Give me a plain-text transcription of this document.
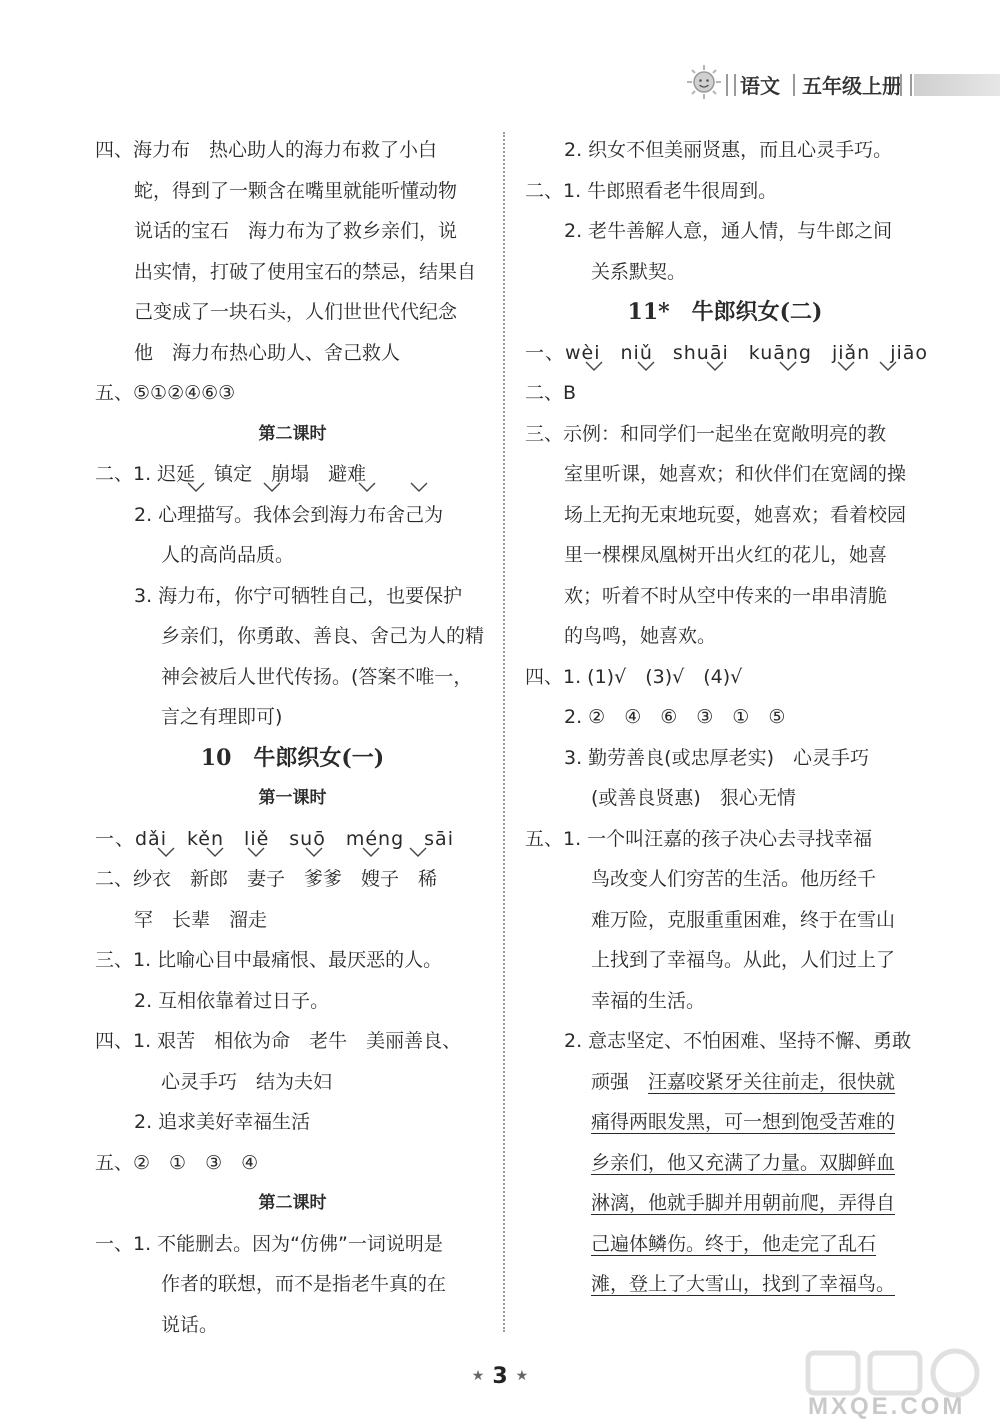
语文 五年级上册
四、海力布　热心助人的海力布救了小白
蛇，得到了一颗含在嘴里就能听懂动物
说话的宝石　海力布为了救乡亲们，说
出实情，打破了使用宝石的禁忌，结果自
己变成了一块石头，人们世世代代纪念
他　海力布热心助人、舍己救人
五、⑤①②④⑥③
第二课时
二、1. 迟延　镇定　崩塌　避难
2. 心理描写。我体会到海力布舍己为
人的高尚品质。
3. 海力布，你宁可牺牲自己，也要保护
乡亲们，你勇敢、善良、舍己为人的精
神会被后人世代传扬。(答案不唯一，
言之有理即可)
10　牛郎织女(一)
第一课时
一、dǎi　kěn　liě　suō　méng　sāi
二、纱衣　新郎　妻子　爹爹　嫂子　稀
罕　长辈　溜走
三、1. 比喻心目中最痛恨、最厌恶的人。
2. 互相依靠着过日子。
四、1. 艰苦　相依为命　老牛　美丽善良、
心灵手巧　结为夫妇
2. 追求美好幸福生活
五、②　①　③　④
第二课时
一、1. 不能删去。因为“仿佛”一词说明是
作者的联想，而不是指老牛真的在
说话。
2. 织女不但美丽贤惠，而且心灵手巧。
二、1. 牛郎照看老牛很周到。
2. 老牛善解人意，通人情，与牛郎之间
关系默契。
11*　牛郎织女(二)
一、wèi　niǔ　shuāi　kuāng　jiǎn　jiāo
二、B
三、示例：和同学们一起坐在宽敞明亮的教
室里听课，她喜欢；和伙伴们在宽阔的操
场上无拘无束地玩耍，她喜欢；看着校园
里一棵棵凤凰树开出火红的花儿，她喜
欢；听着不时从空中传来的一串串清脆
的鸟鸣，她喜欢。
四、1. (1)√　(3)√　(4)√
2. ②　④　⑥　③　①　⑤
3. 勤劳善良(或忠厚老实)　心灵手巧
(或善良贤惠)　狠心无情
五、1. 一个叫汪嘉的孩子决心去寻找幸福
鸟改变人们穷苦的生活。他历经千
难万险，克服重重困难，终于在雪山
上找到了幸福鸟。从此，人们过上了
幸福的生活。
2. 意志坚定、不怕困难、坚持不懈、勇敢
顽强　汪嘉咬紧牙关往前走，很快就
痛得两眼发黑，可一想到饱受苦难的
乡亲们，他又充满了力量。双脚鲜血
淋漓，他就手脚并用朝前爬，弄得自
己遍体鳞伤。终于，他走完了乱石
滩，登上了大雪山，找到了幸福鸟。
★ 3 ★
MXQE.COM
